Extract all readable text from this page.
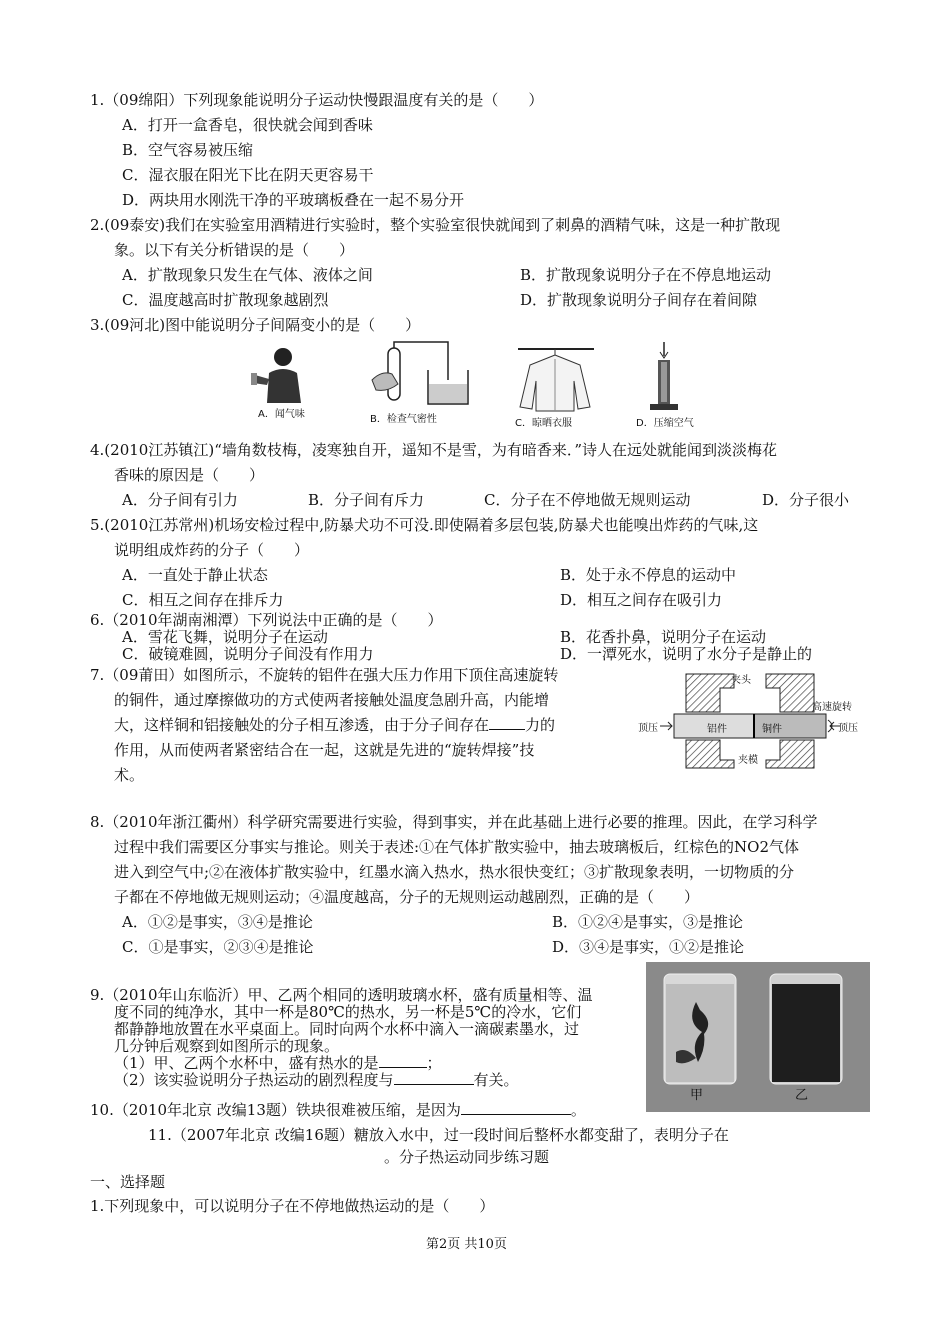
1.（09绵阳）下列现象能说明分子运动快慢跟温度有关的是（　　）
A．打开一盒香皂，很快就会闻到香味
B．空气容易被压缩
C．湿衣服在阳光下比在阴天更容易干
D．两块用水刚洗干净的平玻璃板叠在一起不易分开
2.(09泰安)我们在实验室用酒精进行实验时，整个实验室很快就闻到了刺鼻的酒精气味，这是一种扩散现
象。以下有关分析错误的是（　　）
A．扩散现象只发生在气体、液体之间	B．扩散现象说明分子在不停息地运动
C．温度越高时扩散现象越剧烈	D．扩散现象说明分子间存在着间隙
3.(09河北)图中能说明分子间隔变小的是（　　）
A．闻气味	B．检查气密性	C．晾晒衣服	D．压缩空气
4.(2010江苏镇江)“墙角数枝梅，凌寒独自开，遥知不是雪，为有暗香来．”诗人在远处就能闻到淡淡梅花
香味的原因是（　　）
A．分子间有引力	B．分子间有斥力	C．分子在不停地做无规则运动	D．分子很小
5.(2010江苏常州)机场安检过程中,防暴犬功不可没.即使隔着多层包装,防暴犬也能嗅出炸药的气味,这
说明组成炸药的分子（　　）
A．一直处于静止状态	B．处于永不停息的运动中
C．相互之间存在排斥力	D．相互之间存在吸引力
6.（2010年湖南湘潭）下列说法中正确的是（　　）
A．雪花飞舞，说明分子在运动	B．花香扑鼻，说明分子在运动
C．破镜难圆，说明分子间没有作用力	D．一潭死水，说明了水分子是静止的
7.（09莆田）如图所示，不旋转的铝件在强大压力作用下顶住高速旋转
的铜件，通过摩擦做功的方式使两者接触处温度急剧升高，内能增
大，这样铜和铝接触处的分子相互渗透，由于分子间存在 力的
作用，从而使两者紧密结合在一起，这就是先进的“旋转焊接”技
术。
夹头
高速旋转
顶压	顶压
铝件	铜件
夹模
8.（2010年浙江衢州）科学研究需要进行实验，得到事实，并在此基础上进行必要的推理。因此，在学习科学
过程中我们需要区分事实与推论。则关于表述:①在气体扩散实验中，抽去玻璃板后，红棕色的NO2气体
进入到空气中;②在液体扩散实验中，红墨水滴入热水，热水很快变红；③扩散现象表明，一切物质的分
子都在不停地做无规则运动；④温度越高，分子的无规则运动越剧烈，正确的是（　　）
A．①②是事实，③④是推论	B．①②④是事实，③是推论
C．①是事实，②③④是推论	D．③④是事实，①②是推论
9.（2010年山东临沂）甲、乙两个相同的透明玻璃水杯，盛有质量相等、温
度不同的纯净水，其中一杯是80℃的热水，另一杯是5℃的冷水，它们
都静静地放置在水平桌面上。同时向两个水杯中滴入一滴碳素墨水，过
几分钟后观察到如图所示的现象。
（1）甲、乙两个水杯中，盛有热水的是	；
（2）该实验说明分子热运动的剧烈程度与	有关。
甲	乙
10.（2010年北京 改编13题）铁块很难被压缩，是因为	。
11.（2007年北京 改编16题）糖放入水中，过一段时间后整杯水都变甜了，表明分子在
。分子热运动同步练习题
一、选择题
1.下列现象中，可以说明分子在不停地做热运动的是（　　）
第2页 共10页
